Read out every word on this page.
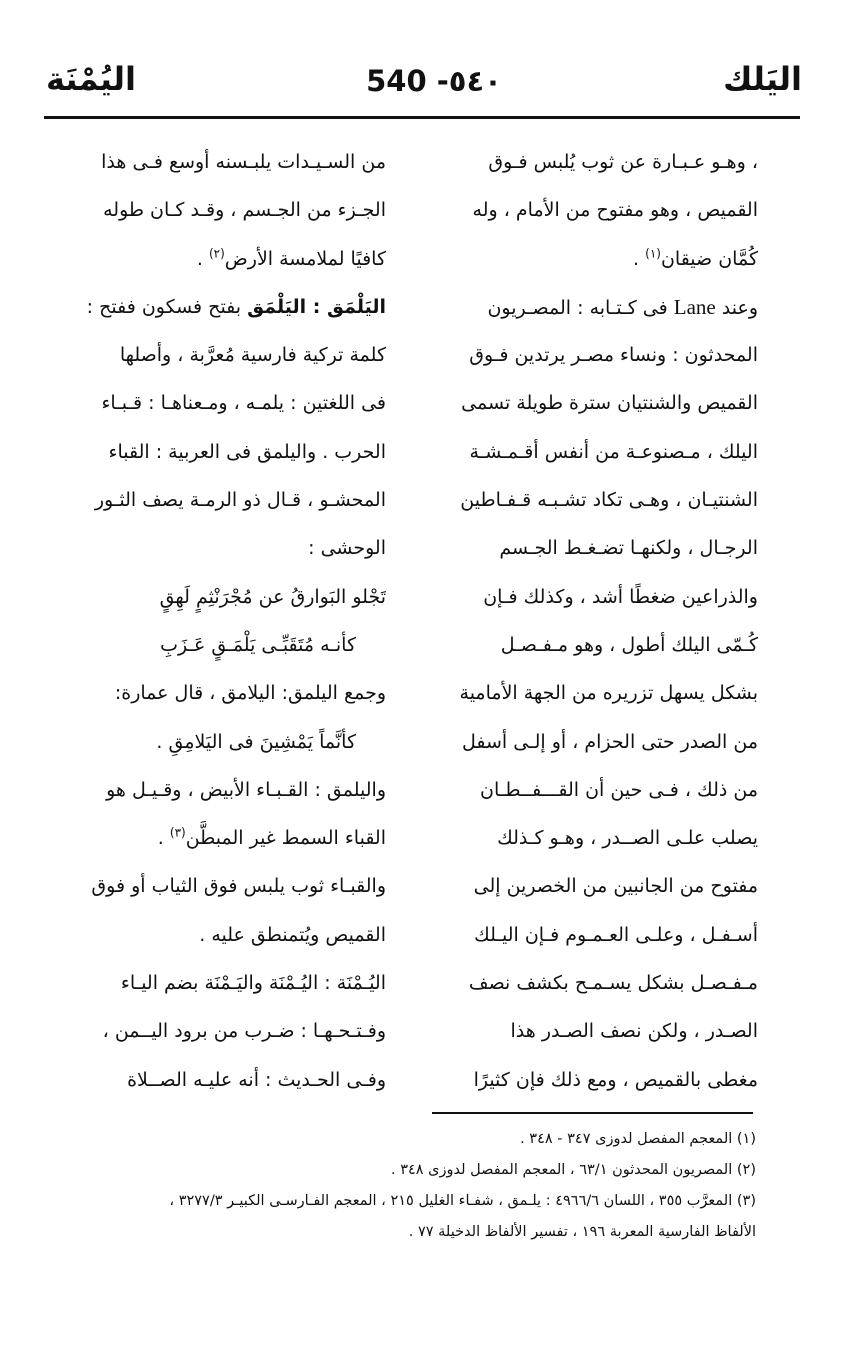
اليَلك
540 -٥٤٠
اليُمْنَة
، وهـو عـبـارة عن ثوب يُلبس فـوق
القميص ، وهو مفتوح من الأمام ، وله
كُمَّان ضيقان$^{(١)}$ .
وعند Lane فى كـتـابه : المصـريون
المحدثون : ونساء مصـر يرتدين فـوق
القميص والشنتيان سترة طويلة تسمى
اليلك ، مـصنوعـة من أنفس أقـمـشـة
الشنتيـان ، وهـى تكاد تشـبـه قـفـاطين
الرجـال ، ولكنهـا تضـغـط الجـسم
والذراعين ضغطًا أشد ، وكذلك فـإن
كُـمّى اليلك أطول ، وهو مـفـصـل
بشكل يسهل تزريره من الجهة الأمامية
من الصدر حتى الحزام ، أو إلـى أسفل
من ذلك ، فـى حين أن القـــفــطـان
يصلب علـى الصــدر ، وهـو كـذلك
مفتوح من الجانبين من الخصرين إلى
أسـفـل ، وعلـى العـمـوم فـإن اليـلك
مـفـصـل بشكل يسـمـح بكشف نصف
الصـدر ، ولكن نصف الصـدر هذا
مغطى بالقميص ، ومع ذلك فإن كثيرًا
من السـيـدات يلبـسنه أوسع فـى هذا
الجـزء من الجـسم ، وقـد كـان طوله
كافيًا لملامسة الأرض$^{(٢)}$ .
اليَلْمَق : اليَلْمَق بفتح فسكون ففتح :
كلمة تركية فارسية مُعرَّبة ، وأصلها
فى اللغتين : يلمـه ، ومـعناهـا : قـبـاء
الحرب . واليلمق فى العربية : القباء
المحشـو ، قـال ذو الرمـة يصف الثـور
الوحشى :
تَجْلو البَوارقُ عن مُجْرَنْثِمٍ لَهِقٍ
كأنـه مُتَقَبِّـى يَلْمَـقٍ عَـزَبِ
وجمع اليلمق: اليلامق ، قال عمارة:
كأنَّماً يَمْشِينَ فى اليَلامِقِ .
واليلمق : القـبـاء الأبيض ، وقـيـل هو
القباء السمط غير المبطَّن$^{(٣)}$ .
والقبـاء ثوب يلبس فوق الثياب أو فوق
القميص ويُتمنطق عليه .
اليُـمْنَة : اليُـمْنَة واليَـمْنَة بضم اليـاء
وفـتـحـهـا : ضـرب من برود اليــمن ،
وفـى الحـديث : أنه عليـه الصــلاة
(١) المعجم المفصل لدوزى ٣٤٧ - ٣٤٨ .
(٢) المصريون المحدثون ٦٣/١ ، المعجم المفصل لدوزى ٣٤٨ .
(٣) المعرَّب ٣٥٥ ، اللسان ٤٩٦٦/٦ : يلـمق ، شفـاء الغليل ٢١٥ ، المعجم الفـارسـى الكبيـر ٣٢٧٧/٣ ،
الألفاظ الفارسية المعربة ١٩٦ ، تفسير الألفاظ الدخيلة ٧٧ .
